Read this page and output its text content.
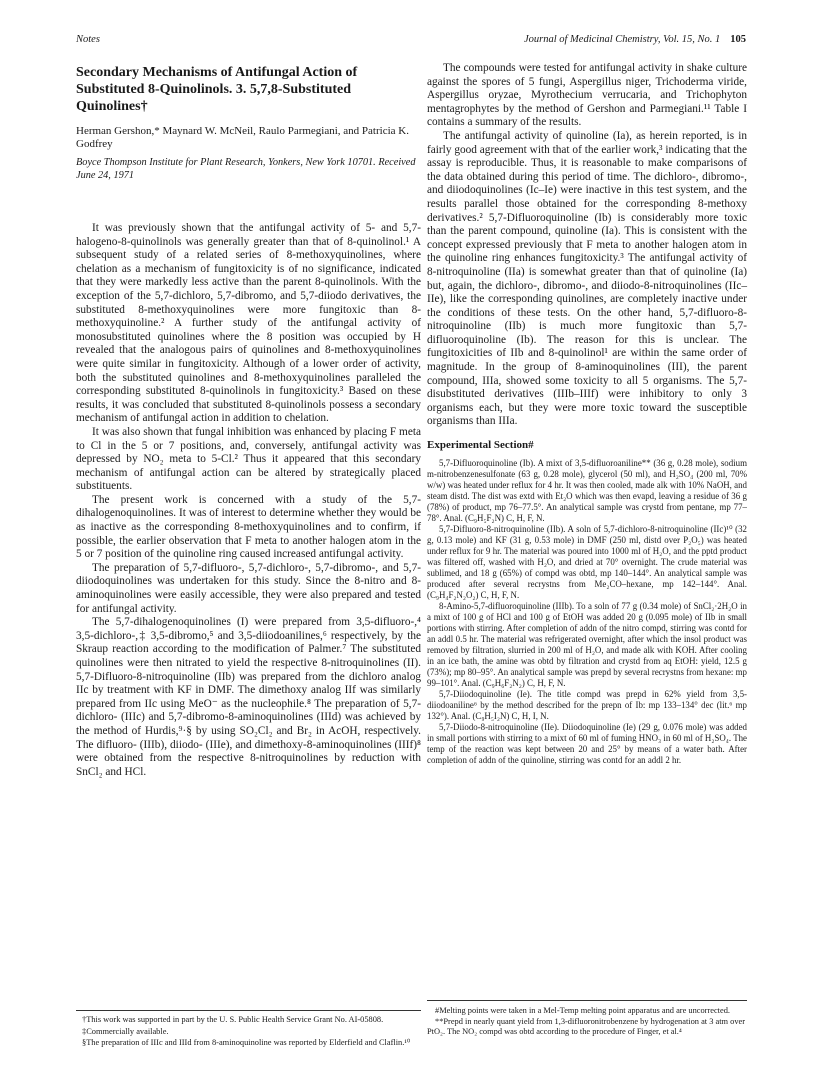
Notes	Journal of Medicinal Chemistry, Vol. 15, No. 1 105
Secondary Mechanisms of Antifungal Action of Substituted 8-Quinolinols. 3. 5,7,8-Substituted Quinolines†
Herman Gershon,* Maynard W. McNeil, Raulo Parmegiani, and Patricia K. Godfrey
Boyce Thompson Institute for Plant Research, Yonkers, New York 10701. Received June 24, 1971

It was previously shown that the antifungal activity of 5- and 5,7-halogeno-8-quinolinols was generally greater than that of 8-quinolinol.¹ A subsequent study of a related series of 8-methoxyquinolines, where chelation as a mechanism of fungitoxicity is of no significance, indicated that they were markedly less active than the parent 8-quinolinols. With the exception of the 5,7-dichloro, 5,7-dibromo, and 5,7-diiodo derivatives, the substituted 8-methoxyquinolines were more fungitoxic than 8-methoxyquinoline.² A further study of the antifungal activity of monosubstituted quinolines where the 8 position was occupied by H revealed that the analogous pairs of quinolines and 8-methoxyquinolines were quite similar in fungitoxicity. Although of a lower order of activity, both the substituted quinolines and 8-methoxyquinolines paralleled the corresponding substituted 8-quinolinols in fungitoxicity.³ Based on these results, it was concluded that substituted 8-quinolinols possess a secondary mechanism of antifungal action in addition to chelation.

It was also shown that fungal inhibition was enhanced by placing F meta to Cl in the 5 or 7 positions, and, conversely, antifungal activity was depressed by NO₂ meta to 5-Cl.² Thus it appeared that this secondary mechanism of antifungal action can be altered by strategically placed substituents.

The present work is concerned with a study of the 5,7-dihalogenoquinolines. It was of interest to determine whether they would be as inactive as the corresponding 8-methoxyquinolines and to confirm, if possible, the earlier observation that F meta to another halogen atom in the 5 or 7 position of the quinoline ring caused increased antifungal activity.

The preparation of 5,7-difluoro-, 5,7-dichloro-, 5,7-dibromo-, and 5,7-diiodoquinolines was undertaken for this study. Since the 8-nitro and 8-aminoquinolines were easily accessible, they were also prepared and tested for antifungal activity.

The 5,7-dihalogenoquinolines (I) were prepared from 3,5-difluoro-,⁴ 3,5-dichloro-,‡ 3,5-dibromo,⁵ and 3,5-diiodoanilines,⁶ respectively, by the Skraup reaction according to the modification of Palmer.⁷ The substituted quinolines were then nitrated to yield the respective 8-nitroquinolines (II). 5,7-Difluoro-8-nitroquinoline (IIb) was prepared from the dichloro analog IIc by treatment with KF in DMF. The dimethoxy analog IIf was similarly prepared from IIc using MeO⁻ as the nucleophile.⁸ The preparation of 5,7-dichloro- (IIIc) and 5,7-dibromo-8-aminoquinolines (IIId) was achieved by the method of Hurdis,⁹·§ by using SO₂Cl₂ and Br₂ in AcOH, respectively. The difluoro- (IIIb), diiodo- (IIIe), and dimethoxy-8-aminoquinolines (IIIf)⁸ were obtained from the respective 8-nitroquinolines by reduction with SnCl₂ and HCl.

†This work was supported in part by the U. S. Public Health Service Grant No. AI-05808.

‡Commercially available.

§The preparation of IIIc and IIId from 8-aminoquinoline was reported by Elderfield and Claflin.¹⁰

The compounds were tested for antifungal activity in shake culture against the spores of 5 fungi, Aspergillus niger, Trichoderma viride, Aspergillus oryzae, Myrothecium verrucaria, and Trichophyton mentagrophytes by the method of Gershon and Parmegiani.¹¹ Table I contains a summary of the results.

The antifungal activity of quinoline (Ia), as herein reported, is in fairly good agreement with that of the earlier work,³ indicating that the assay is reproducible. Thus, it is reasonable to make comparisons of the data obtained during this period of time. The dichloro-, dibromo-, and diiodoquinolines (Ic–Ie) were inactive in this test system, and the results parallel those obtained for the corresponding 8-methoxy derivatives.² 5,7-Difluoroquinoline (Ib) is considerably more toxic than the parent compound, quinoline (Ia). This is consistent with the concept expressed previously that F meta to another halogen atom in the quinoline ring enhances fungitoxicity.³ The antifungal activity of 8-nitroquinoline (IIa) is somewhat greater than that of quinoline (Ia) but, again, the dichloro-, dibromo-, and diiodo-8-nitroquinolines (IIc–IIe), like the corresponding quinolines, are completely inactive under the conditions of these tests. On the other hand, 5,7-difluoro-8-nitroquinoline (IIb) is much more fungitoxic than 5,7-difluoroquinoline (Ib). The reason for this is unclear. The fungitoxicities of IIb and 8-quinolinol¹ are within the same order of magnitude. In the group of 8-aminoquinolines (III), the parent compound, IIIa, showed some toxicity to all 5 organisms. The 5,7-disubstituted derivatives (IIIb–IIIf) were inhibitory to only 3 organisms each, but they were more toxic toward the susceptible organisms than IIIa.

Experimental Section#

5,7-Difluoroquinoline (Ib). A mixt of 3,5-difluoroaniline** (36 g, 0.28 mole), sodium m-nitrobenzenesulfonate (63 g, 0.28 mole), glycerol (50 ml), and H₂SO₄ (200 ml, 70% w/w) was heated under reflux for 4 hr. It was then cooled, made alk with 10% NaOH, and steam distd. The dist was extd with Et₂O which was then evapd, leaving a residue of 36 g (78%) of product, mp 76–77.5°. An analytical sample was crystd from pentane, mp 77–78°. Anal. (C₉H₅F₂N) C, H, F, N.

5,7-Difluoro-8-nitroquinoline (IIb). A soln of 5,7-dichloro-8-nitroquinoline (IIc)¹⁰ (32 g, 0.13 mole) and KF (31 g, 0.53 mole) in DMF (250 ml, distd over P₂O₅) was heated under reflux for 9 hr. The material was poured into 1000 ml of H₂O, and the pptd product was filtered off, washed with H₂O, and dried at 70° overnight. The crude material was sublimed, and 18 g (65%) of compd was obtd, mp 140–144°. An analytical sample was produced after several recrystns from Me₂CO–hexane, mp 142–144°. Anal. (C₉H₄F₂N₂O₂) C, H, F, N.

8-Amino-5,7-difluoroquinoline (IIIb). To a soln of 77 g (0.34 mole) of SnCl₂·2H₂O in a mixt of 100 g of HCl and 100 g of EtOH was added 20 g (0.095 mole) of IIb in small portions with stirring. After completion of addn of the nitro compd, stirring was contd for an addl 0.5 hr. The material was refrigerated overnight, after which the insol product was removed by filtration, slurried in 200 ml of H₂O, and made alk with KOH. After cooling in an ice bath, the amine was obtd by filtration and crystd from aq EtOH: yield, 12.5 g (73%); mp 80–95°. An analytical sample was prepd by several recrystns from hexane: mp 99–101°. Anal. (C₉H₆F₂N₂) C, H, F, N.

5,7-Diiodoquinoline (Ie). The title compd was prepd in 62% yield from 3,5-diiodoaniline⁶ by the method described for the prepn of Ib: mp 133–134° dec (lit.⁶ mp 132°). Anal. (C₉H₅I₂N) C, H, I, N.

5,7-Diiodo-8-nitroquinoline (IIe). Diiodoquinoline (Ie) (29 g, 0.076 mole) was added in small portions with stirring to a mixt of 60 ml of fuming HNO₃ in 60 ml of H₂SO₄. The temp of the reaction was kept between 20 and 25° by means of a water bath. After completion of addn of the quinoline, stirring was contd for an addl 2 hr.

#Melting points were taken in a Mel-Temp melting point apparatus and are uncorrected.

**Prepd in nearly quant yield from 1,3-difluoronitrobenzene by hydrogenation at 3 atm over PtO₂. The NO₂ compd was obtd according to the procedure of Finger, et al.⁴
